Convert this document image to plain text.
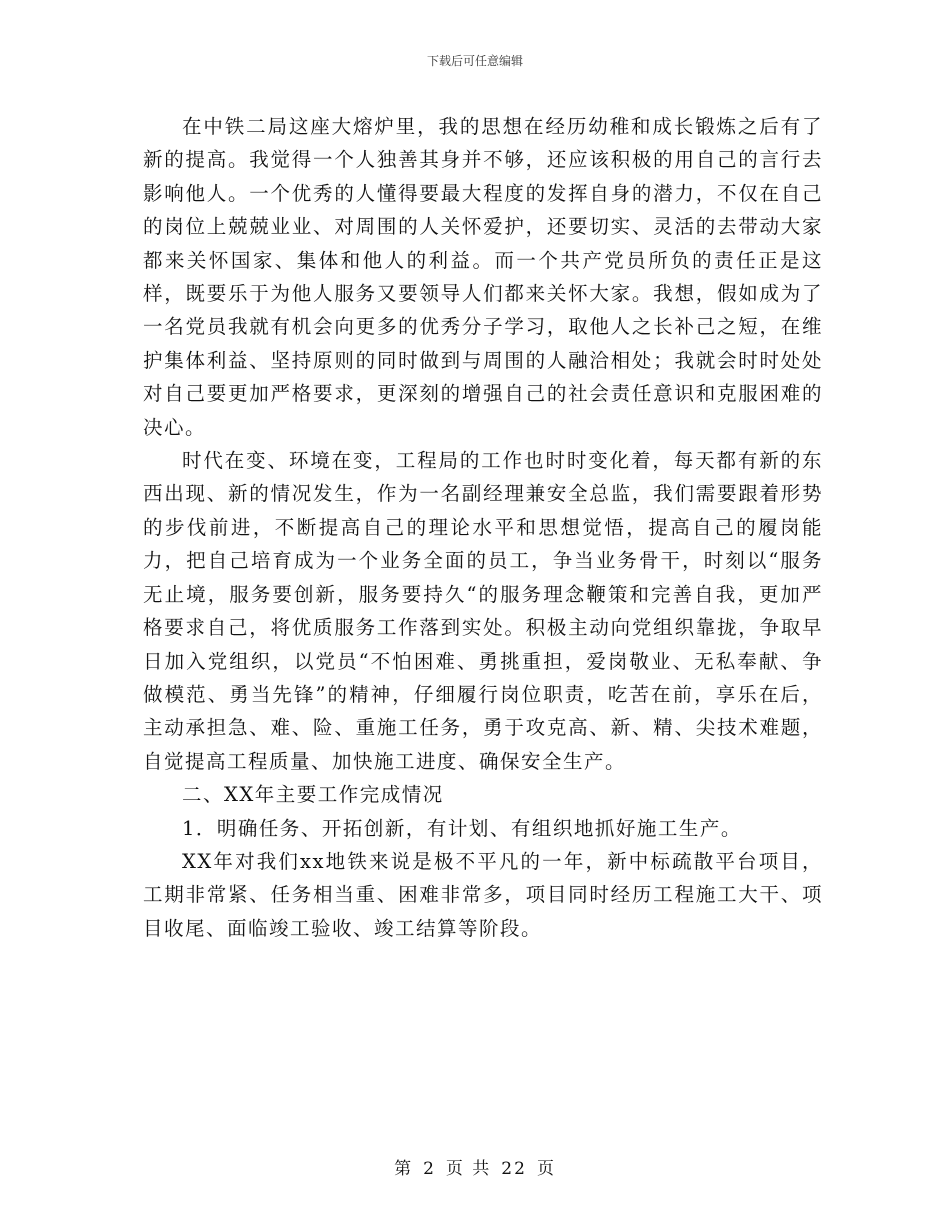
下载后可任意编辑

在中铁二局这座大熔炉里，我的思想在经历幼稚和成长锻炼之后有了新的提高。我觉得一个人独善其身并不够，还应该积极的用自己的言行去影响他人。一个优秀的人懂得要最大程度的发挥自身的潜力，不仅在自己的岗位上兢兢业业、对周围的人关怀爱护，还要切实、灵活的去带动大家都来关怀国家、集体和他人的利益。而一个共产党员所负的责任正是这样，既要乐于为他人服务又要领导人们都来关怀大家。我想，假如成为了一名党员我就有机会向更多的优秀分子学习，取他人之长补己之短，在维护集体利益、坚持原则的同时做到与周围的人融洽相处；我就会时时处处对自己要更加严格要求，更深刻的增强自己的社会责任意识和克服困难的决心。

时代在变、环境在变，工程局的工作也时时变化着，每天都有新的东西出现、新的情况发生，作为一名副经理兼安全总监，我们需要跟着形势的步伐前进，不断提高自己的理论水平和思想觉悟，提高自己的履岗能力，把自己培育成为一个业务全面的员工，争当业务骨干，时刻以“服务无止境，服务要创新，服务要持久“的服务理念鞭策和完善自我，更加严格要求自己，将优质服务工作落到实处。积极主动向党组织靠拢，争取早日加入党组织，以党员“不怕困难、勇挑重担，爱岗敬业、无私奉献、争做模范、勇当先锋”的精神，仔细履行岗位职责，吃苦在前，享乐在后，主动承担急、难、险、重施工任务，勇于攻克高、新、精、尖技术难题，自觉提高工程质量、加快施工进度、确保安全生产。

二、XX年主要工作完成情况

1．明确任务、开拓创新，有计划、有组织地抓好施工生产。

XX年对我们xx地铁来说是极不平凡的一年，新中标疏散平台项目，工期非常紧、任务相当重、困难非常多，项目同时经历工程施工大干、项目收尾、面临竣工验收、竣工结算等阶段。

第 2 页 共 22 页
